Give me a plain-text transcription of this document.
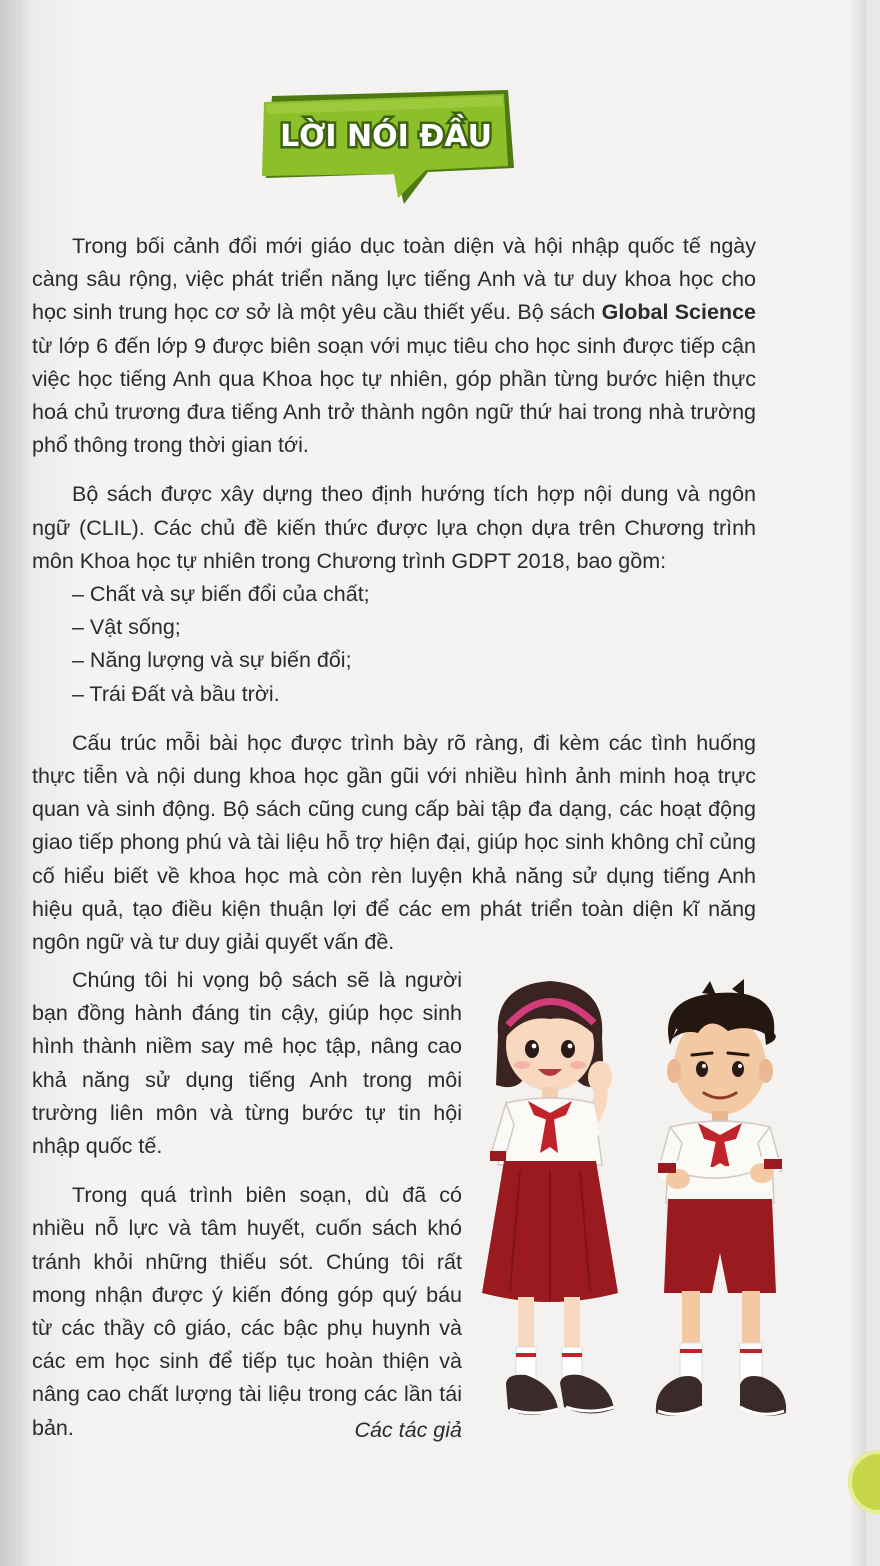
LỜI NÓI ĐẦU

Trong bối cảnh đổi mới giáo dục toàn diện và hội nhập quốc tế ngày càng sâu rộng, việc phát triển năng lực tiếng Anh và tư duy khoa học cho học sinh trung học cơ sở là một yêu cầu thiết yếu. Bộ sách Global Science từ lớp 6 đến lớp 9 được biên soạn với mục tiêu cho học sinh được tiếp cận việc học tiếng Anh qua Khoa học tự nhiên, góp phần từng bước hiện thực hoá chủ trương đưa tiếng Anh trở thành ngôn ngữ thứ hai trong nhà trường phổ thông trong thời gian tới.

Bộ sách được xây dựng theo định hướng tích hợp nội dung và ngôn ngữ (CLIL). Các chủ đề kiến thức được lựa chọn dựa trên Chương trình môn Khoa học tự nhiên trong Chương trình GDPT 2018, bao gồm:

– Chất và sự biến đổi của chất;
– Vật sống;
– Năng lượng và sự biến đổi;
– Trái Đất và bầu trời.

Cấu trúc mỗi bài học được trình bày rõ ràng, đi kèm các tình huống thực tiễn và nội dung khoa học gần gũi với nhiều hình ảnh minh hoạ trực quan và sinh động. Bộ sách cũng cung cấp bài tập đa dạng, các hoạt động giao tiếp phong phú và tài liệu hỗ trợ hiện đại, giúp học sinh không chỉ củng cố hiểu biết về khoa học mà còn rèn luyện khả năng sử dụng tiếng Anh hiệu quả, tạo điều kiện thuận lợi để các em phát triển toàn diện kĩ năng ngôn ngữ và tư duy giải quyết vấn đề.

Chúng tôi hi vọng bộ sách sẽ là người bạn đồng hành đáng tin cậy, giúp học sinh hình thành niềm say mê học tập, nâng cao khả năng sử dụng tiếng Anh trong môi trường liên môn và từng bước tự tin hội nhập quốc tế.

Trong quá trình biên soạn, dù đã có nhiều nỗ lực và tâm huyết, cuốn sách khó tránh khỏi những thiếu sót. Chúng tôi rất mong nhận được ý kiến đóng góp quý báu từ các thầy cô giáo, các bậc phụ huynh và các em học sinh để tiếp tục hoàn thiện và nâng cao chất lượng tài liệu trong các lần tái bản.	Các tác giả
